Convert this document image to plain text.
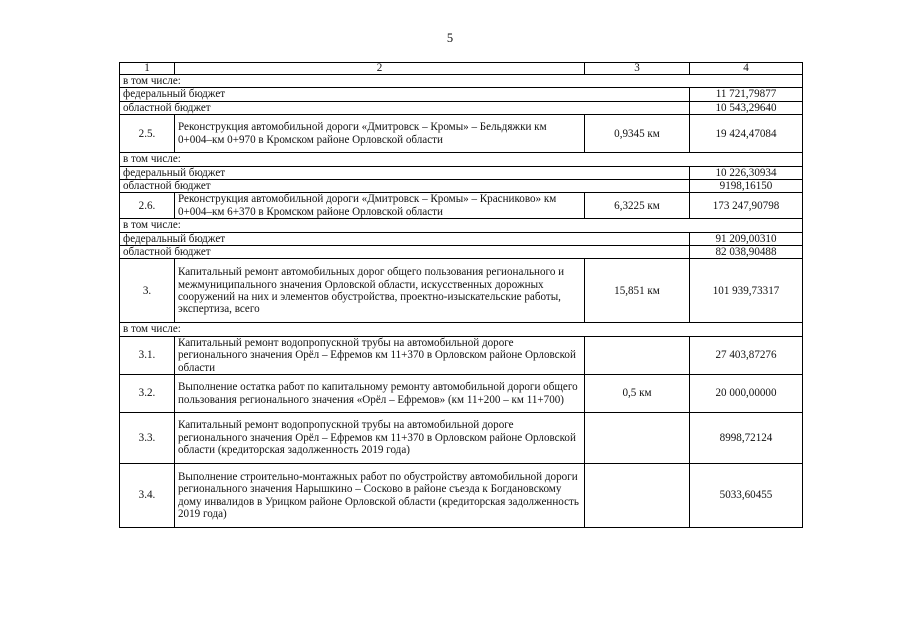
5
1	2	3	4
в том числе:			
федеральный бюджет			11 721,79877
областной бюджет			10 543,29640
2.5.	Реконструкция автомобильной дороги «Дмитровск – Кромы» – Бельдяжки км 0+004–км 0+970 в Кромском районе Орловской области	0,9345 км	19 424,47084
в том числе:			
федеральный бюджет			10 226,30934
областной бюджет			9198,16150
2.6.	Реконструкция автомобильной дороги «Дмитровск – Кромы» – Красниково» км 0+004–км 6+370 в Кромском районе Орловской области	6,3225 км	173 247,90798
в том числе:			
федеральный бюджет			91 209,00310
областной бюджет			82 038,90488
3.	Капитальный ремонт автомобильных дорог общего пользования регионального и межмуниципального значения Орловской области, искусственных дорожных сооружений на них и элементов обустройства, проектно-изыскательские работы, экспертиза, всего	15,851 км	101 939,73317
в том числе:			
3.1.	Капитальный ремонт водопропускной трубы на автомобильной дороге регионального значения Орёл – Ефремов км 11+370 в Орловском районе Орловской области		27 403,87276
3.2.	Выполнение остатка работ по капитальному ремонту автомобильной дороги общего пользования регионального значения «Орёл – Ефремов» (км 11+200 – км 11+700)	0,5 км	20 000,00000
3.3.	Капитальный ремонт водопропускной трубы на автомобильной дороге регионального значения Орёл – Ефремов км 11+370 в Орловском районе Орловской области (кредиторская задолженность 2019 года)		8998,72124
3.4.	Выполнение строительно-монтажных работ по обустройству автомобильной дороги регионального значения Нарышкино – Сосково в районе съезда к Богдановскому дому инвалидов в Урицком районе Орловской области (кредиторская задолженность 2019 года)		5033,60455
